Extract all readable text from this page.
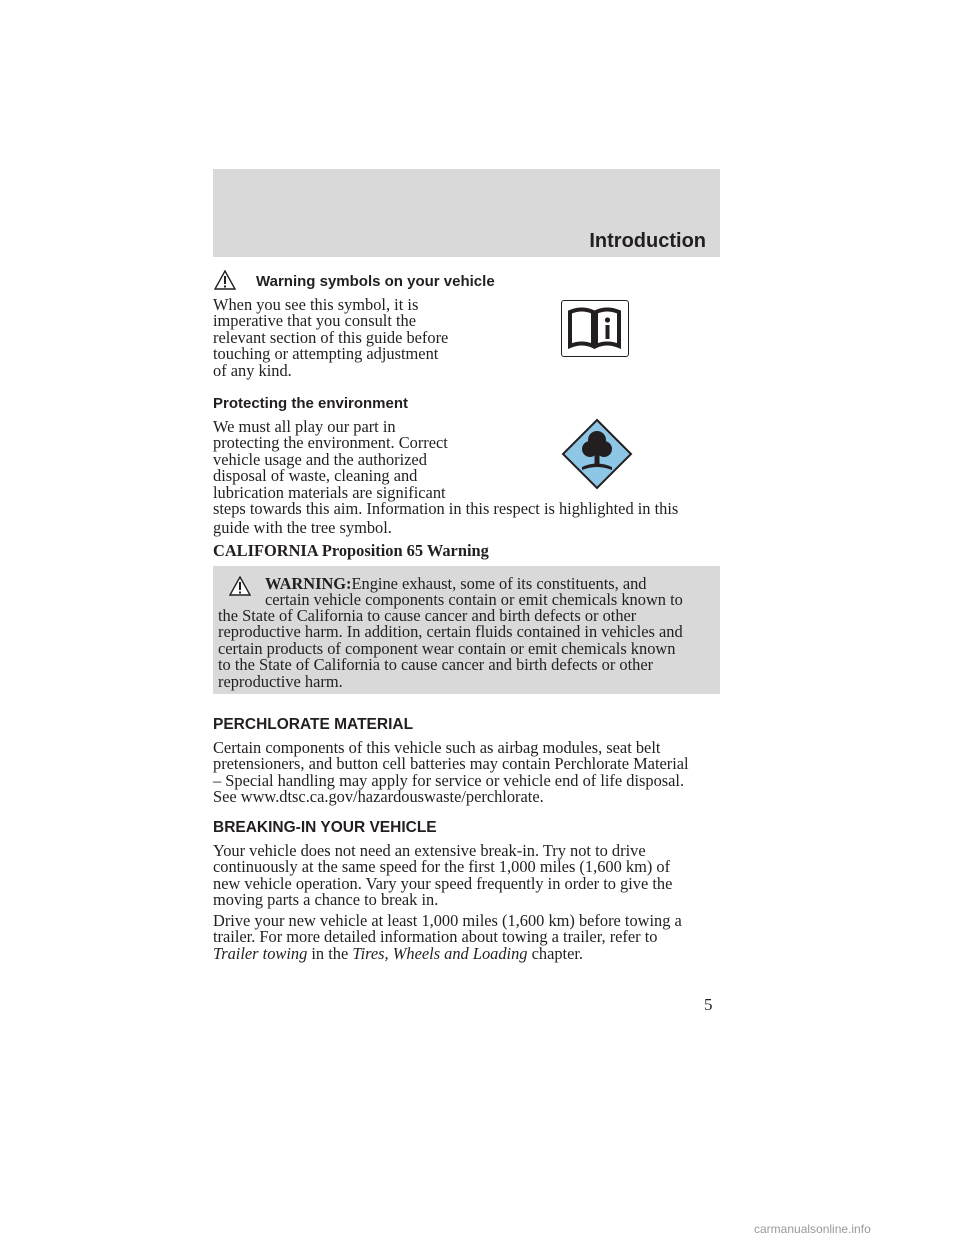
Introduction
Warning symbols on your vehicle

When you see this symbol, it is

imperative that you consult the

relevant section of this guide before

touching or attempting adjustment

of any kind.

Protecting the environment

We must all play our part in

protecting the environment. Correct

vehicle usage and the authorized

disposal of waste, cleaning and

lubrication materials are significant

steps towards this aim. Information in this respect is highlighted in this

guide with the tree symbol.

CALIFORNIA Proposition 65 Warning

WARNING:Engine exhaust, some of its constituents, and

certain vehicle components contain or emit chemicals known to

the State of California to cause cancer and birth defects or other

reproductive harm. In addition, certain fluids contained in vehicles and

certain products of component wear contain or emit chemicals known

to the State of California to cause cancer and birth defects or other

reproductive harm.

PERCHLORATE MATERIAL

Certain components of this vehicle such as airbag modules, seat belt

pretensioners, and button cell batteries may contain Perchlorate Material

– Special handling may apply for service or vehicle end of life disposal.

See www.dtsc.ca.gov/hazardouswaste/perchlorate.

BREAKING-IN YOUR VEHICLE

Your vehicle does not need an extensive break-in. Try not to drive

continuously at the same speed for the first 1,000 miles (1,600 km) of

new vehicle operation. Vary your speed frequently in order to give the

moving parts a chance to break in.

Drive your new vehicle at least 1,000 miles (1,600 km) before towing a

trailer. For more detailed information about towing a trailer, refer to

Trailer towing in the Tires, Wheels and Loading chapter.

5
carmanualsonline.info
